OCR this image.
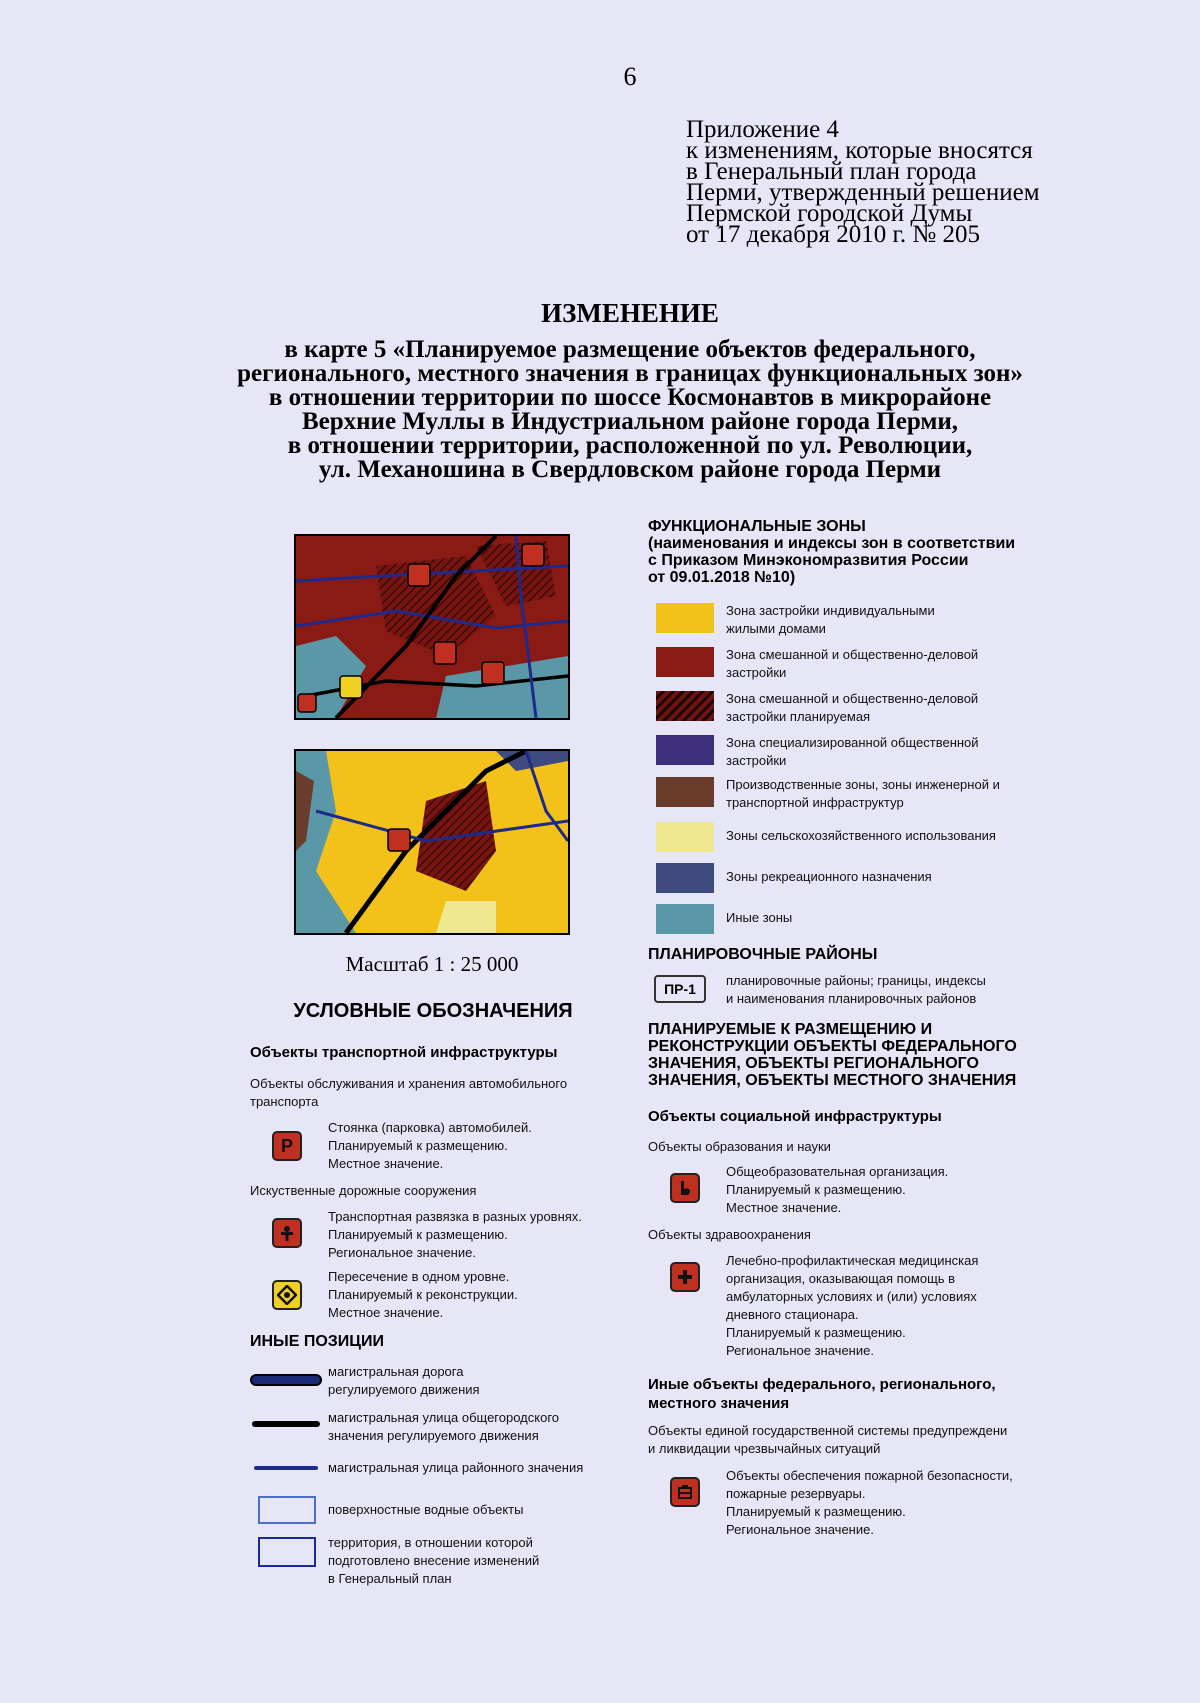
6
Приложение 4
к изменениям, которые вносятся
в Генеральный план города
Перми, утвержденный решением
Пермской городской Думы
от 17 декабря 2010 г. № 205
ИЗМЕНЕНИЕ
в карте 5 «Планируемое размещение объектов федерального,
регионального, местного значения в границах функциональных зон»
в отношении территории по шоссе Космонавтов в микрорайоне
Верхние Муллы в Индустриальном районе города Перми,
в отношении территории, расположенной по ул. Революции,
ул. Механошина в Свердловском районе города Перми
Масштаб 1 : 25 000
УСЛОВНЫЕ ОБОЗНАЧЕНИЯ
Объекты транспортной инфраструктуры
Объекты обслуживания и хранения автомобильного
транспорта
P
Стоянка (парковка) автомобилей.
Планируемый к размещению.
Местное значение.
Искуственные дорожные сооружения
Транспортная развязка в разных уровнях.
Планируемый к размещению.
Региональное значение.
Пересечение в одном уровне.
Планируемый к реконструкции.
Местное значение.
ИНЫЕ ПОЗИЦИИ
магистральная дорога
регулируемого движения
магистральная улица общегородского
значения регулируемого движения
магистральная улица районного значения
поверхностные водные объекты
территория, в отношении которой
подготовлено внесение изменений
в Генеральный план
ФУНКЦИОНАЛЬНЫЕ ЗОНЫ
(наименования и индексы зон в соответствии
с Приказом Минэкономразвития России
от 09.01.2018 №10)
Зона застройки индивидуальными
жилыми домами
Зона смешанной и общественно-деловой
застройки
Зона смешанной и общественно-деловой
застройки планируемая
Зона специализированной общественной
застройки
Производственные зоны, зоны инженерной и
транспортной инфраструктур
Зоны сельскохозяйственного использования
Зоны рекреационного назначения
Иные зоны
ПЛАНИРОВОЧНЫЕ РАЙОНЫ
ПР-1
планировочные районы; границы, индексы
и наименования планировочных районов
ПЛАНИРУЕМЫЕ К РАЗМЕЩЕНИЮ И
РЕКОНСТРУКЦИИ ОБЪЕКТЫ ФЕДЕРАЛЬНОГО
ЗНАЧЕНИЯ, ОБЪЕКТЫ РЕГИОНАЛЬНОГО
ЗНАЧЕНИЯ, ОБЪЕКТЫ МЕСТНОГО ЗНАЧЕНИЯ
Объекты социальной инфраструктуры
Объекты образования и науки
Общеобразовательная организация.
Планируемый к размещению.
Местное значение.
Объекты здравоохранения
Лечебно-профилактическая медицинская
организация, оказывающая помощь в
амбулаторных условиях и (или) условиях
дневного стационара.
Планируемый к размещению.
Региональное значение.
Иные объекты федерального, регионального,
местного значения
Объекты единой государственной системы предупреждени
и ликвидации чрезвычайных ситуаций
Объекты обеспечения пожарной безопасности,
пожарные резервуары.
Планируемый к размещению.
Региональное значение.
